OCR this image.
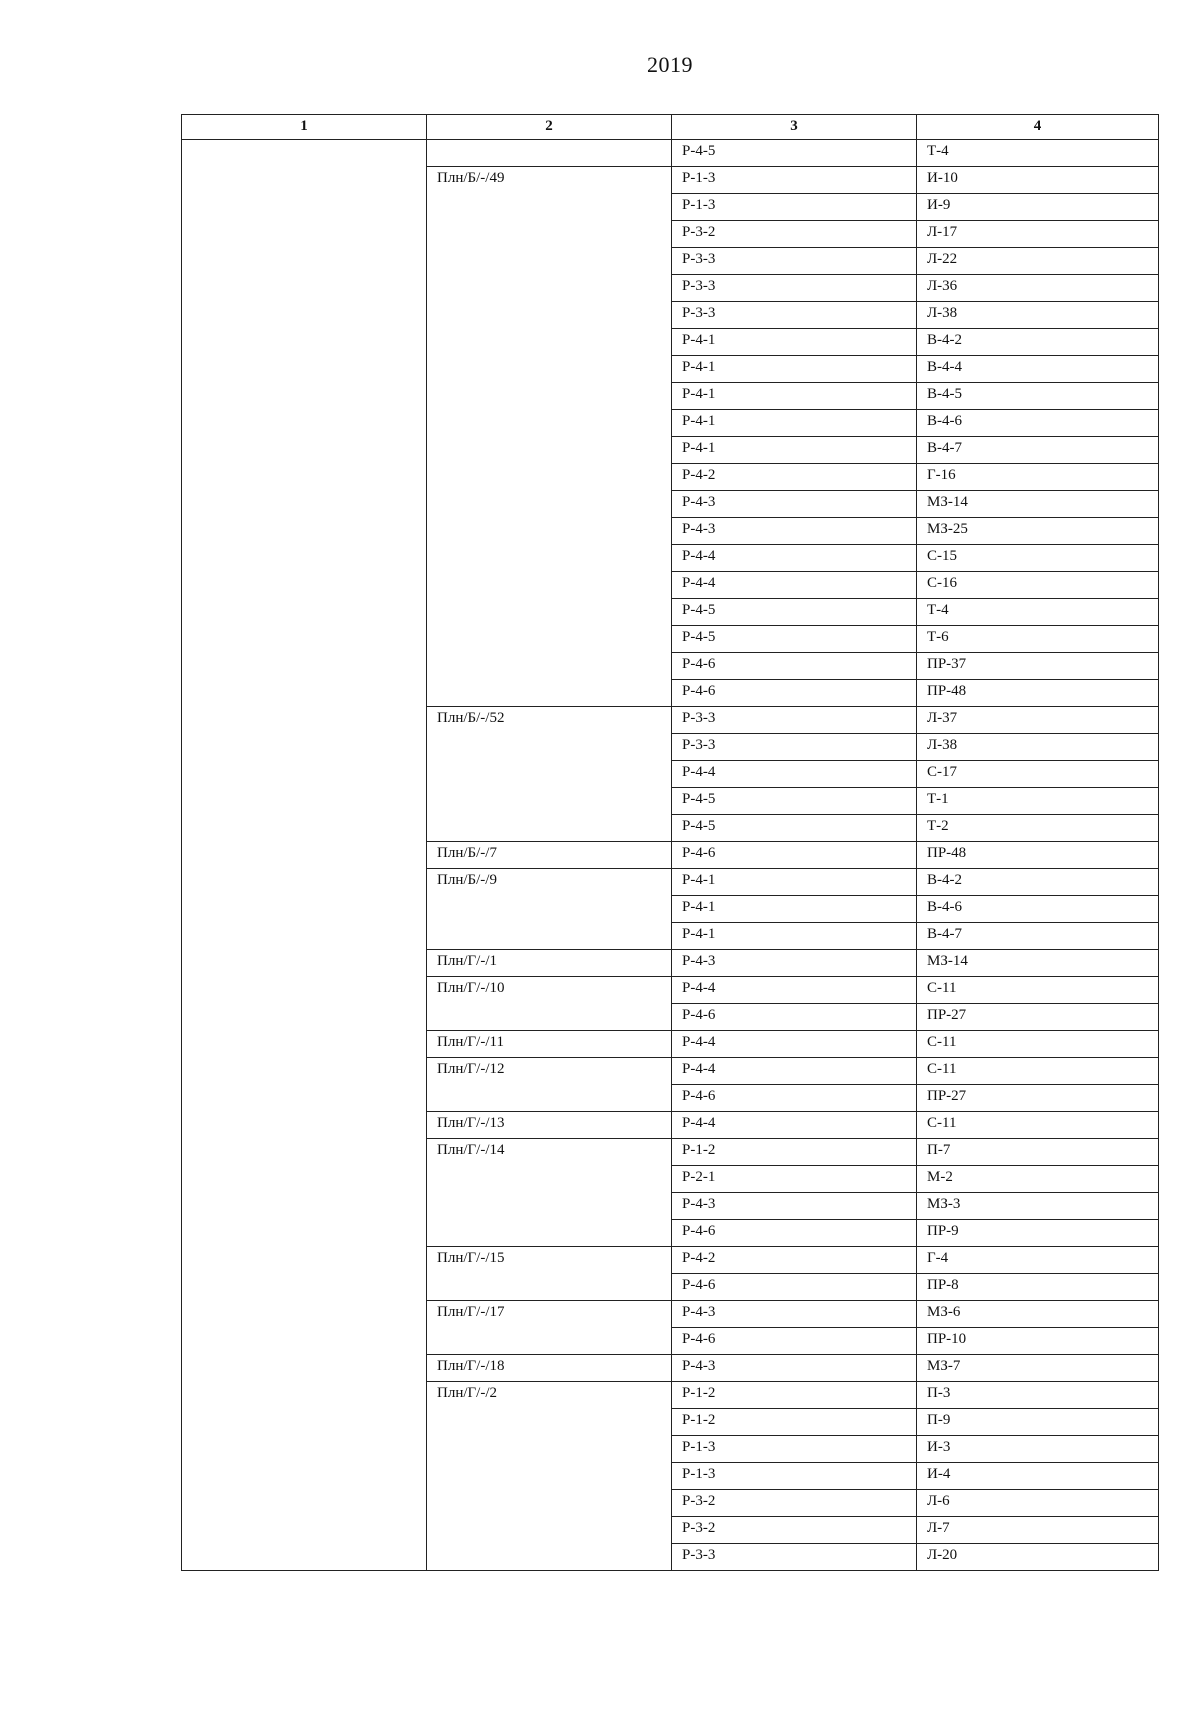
2019
1	2	3	4
		Р-4-5	Т-4
	Плн/Б/-/49	Р-1-3	И-10
		Р-1-3	И-9
		Р-3-2	Л-17
		Р-3-3	Л-22
		Р-3-3	Л-36
		Р-3-3	Л-38
		Р-4-1	В-4-2
		Р-4-1	В-4-4
		Р-4-1	В-4-5
		Р-4-1	В-4-6
		Р-4-1	В-4-7
		Р-4-2	Г-16
		Р-4-3	МЗ-14
		Р-4-3	МЗ-25
		Р-4-4	С-15
		Р-4-4	С-16
		Р-4-5	Т-4
		Р-4-5	Т-6
		Р-4-6	ПР-37
		Р-4-6	ПР-48
	Плн/Б/-/52	Р-3-3	Л-37
		Р-3-3	Л-38
		Р-4-4	С-17
		Р-4-5	Т-1
		Р-4-5	Т-2
	Плн/Б/-/7	Р-4-6	ПР-48
	Плн/Б/-/9	Р-4-1	В-4-2
		Р-4-1	В-4-6
		Р-4-1	В-4-7
	Плн/Г/-/1	Р-4-3	МЗ-14
	Плн/Г/-/10	Р-4-4	С-11
		Р-4-6	ПР-27
	Плн/Г/-/11	Р-4-4	С-11
	Плн/Г/-/12	Р-4-4	С-11
		Р-4-6	ПР-27
	Плн/Г/-/13	Р-4-4	С-11
	Плн/Г/-/14	Р-1-2	П-7
		Р-2-1	М-2
		Р-4-3	МЗ-3
		Р-4-6	ПР-9
	Плн/Г/-/15	Р-4-2	Г-4
		Р-4-6	ПР-8
	Плн/Г/-/17	Р-4-3	МЗ-6
		Р-4-6	ПР-10
	Плн/Г/-/18	Р-4-3	МЗ-7
	Плн/Г/-/2	Р-1-2	П-3
		Р-1-2	П-9
		Р-1-3	И-3
		Р-1-3	И-4
		Р-3-2	Л-6
		Р-3-2	Л-7
		Р-3-3	Л-20
